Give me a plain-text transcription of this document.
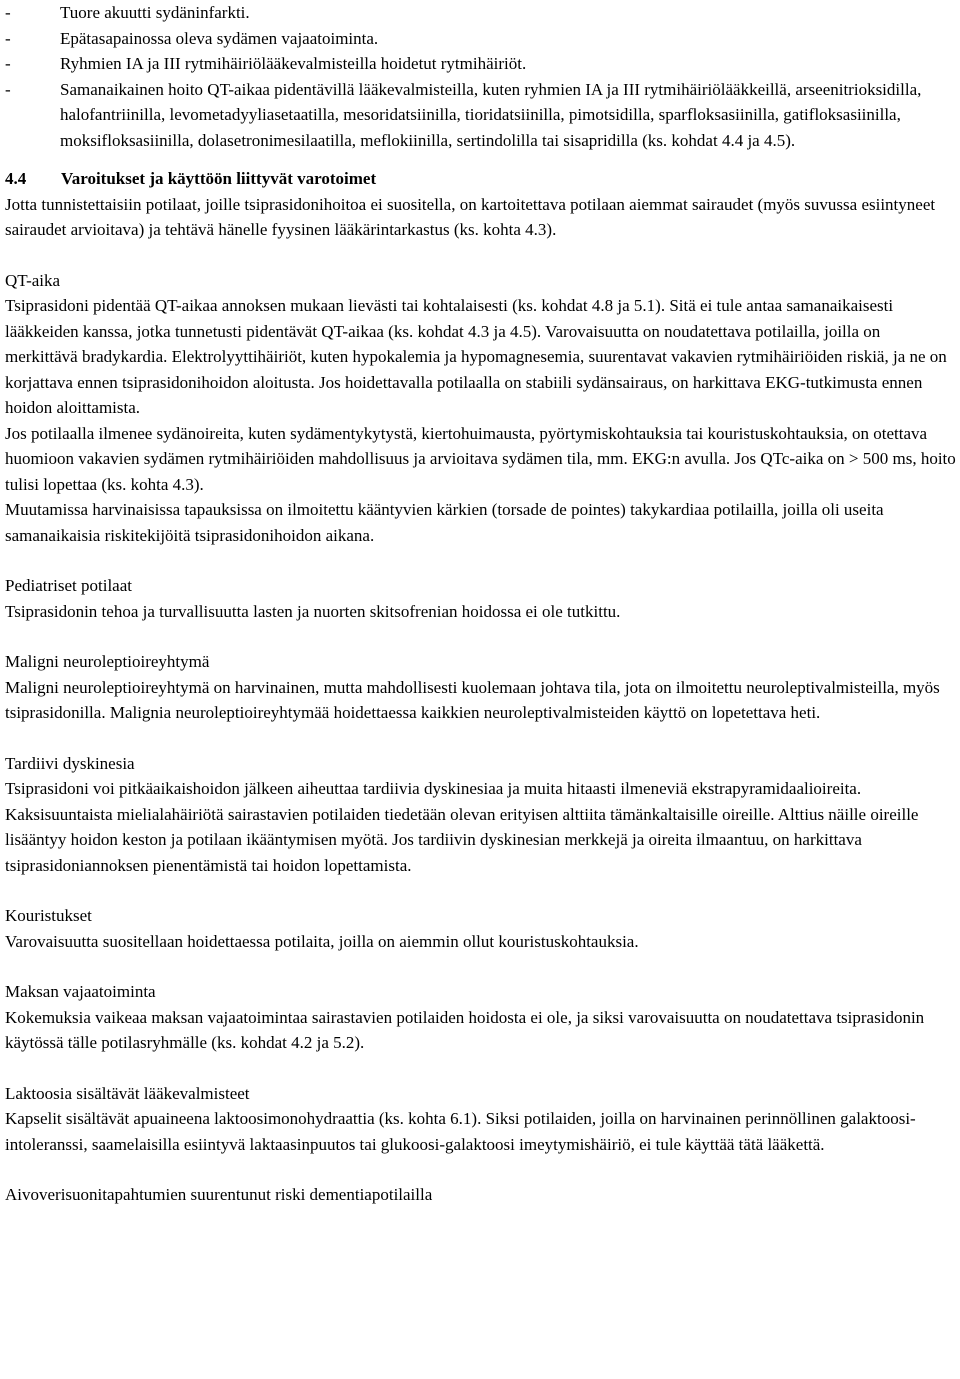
-	Tuore akuutti sydäninfarkti.
-	Epätasapainossa oleva sydämen vajaatoiminta.
-	Ryhmien IA ja III rytmihäiriölääkevalmisteilla hoidetut rytmihäiriöt.
-	Samanaikainen hoito QT-aikaa pidentävillä lääkevalmisteilla, kuten ryhmien IA ja III rytmihäiriölääkkeillä, arseenitrioksidilla, halofantriinilla, levometadyyliasetaatilla, mesoridatsiinilla, tioridatsiinilla, pimotsidilla, sparfloksasiinilla, gatifloksasiinilla, moksifloksasiinilla, dolasetronimesilaatilla, meflokiinilla, sertindolilla tai sisapridilla (ks. kohdat 4.4 ja 4.5).
4.4 Varoitukset ja käyttöön liittyvät varotoimet

Jotta tunnistettaisiin potilaat, joille tsiprasidonihoitoa ei suositella, on kartoitettava potilaan aiemmat sairaudet (myös suvussa esiintyneet sairaudet arvioitava) ja tehtävä hänelle fyysinen lääkärintarkastus (ks. kohta 4.3).

QT-aika

Tsiprasidoni pidentää QT-aikaa annoksen mukaan lievästi tai kohtalaisesti (ks. kohdat 4.8 ja 5.1). Sitä ei tule antaa samanaikaisesti lääkkeiden kanssa, jotka tunnetusti pidentävät QT-aikaa (ks. kohdat 4.3 ja 4.5). Varovaisuutta on noudatettava potilailla, joilla on merkittävä bradykardia. Elektrolyyttihäiriöt, kuten hypokalemia ja hypomagnesemia, suurentavat vakavien rytmihäiriöiden riskiä, ja ne on korjattava ennen tsiprasidonihoidon aloitusta. Jos hoidettavalla potilaalla on stabiili sydänsairaus, on harkittava EKG-tutkimusta ennen hoidon aloittamista.

Jos potilaalla ilmenee sydänoireita, kuten sydämentykytystä, kiertohuimausta, pyörtymiskohtauksia tai kouristuskohtauksia, on otettava huomioon vakavien sydämen rytmihäiriöiden mahdollisuus ja arvioitava sydämen tila, mm. EKG:n avulla. Jos QTc-aika on > 500 ms, hoito tulisi lopettaa (ks. kohta 4.3).

Muutamissa harvinaisissa tapauksissa on ilmoitettu kääntyvien kärkien (torsade de pointes) takykardiaa potilailla, joilla oli useita samanaikaisia riskitekijöitä tsiprasidonihoidon aikana.

Pediatriset potilaat

Tsiprasidonin tehoa ja turvallisuutta lasten ja nuorten skitsofrenian hoidossa ei ole tutkittu.

Maligni neuroleptioireyhtymä

Maligni neuroleptioireyhtymä on harvinainen, mutta mahdollisesti kuolemaan johtava tila, jota on ilmoitettu neuroleptivalmisteilla, myös tsiprasidonilla. Malignia neuroleptioireyhtymää hoidettaessa kaikkien neuroleptivalmisteiden käyttö on lopetettava heti.

Tardiivi dyskinesia

Tsiprasidoni voi pitkäaikaishoidon jälkeen aiheuttaa tardiivia dyskinesiaa ja muita hitaasti ilmeneviä ekstrapyramidaalioireita. Kaksisuuntaista mielialahäiriötä sairastavien potilaiden tiedetään olevan erityisen alttiita tämänkaltaisille oireille. Alttius näille oireille lisääntyy hoidon keston ja potilaan ikääntymisen myötä. Jos tardiivin dyskinesian merkkejä ja oireita ilmaantuu, on harkittava tsiprasidoniannoksen pienentämistä tai hoidon lopettamista.

Kouristukset

Varovaisuutta suositellaan hoidettaessa potilaita, joilla on aiemmin ollut kouristuskohtauksia.

Maksan vajaatoiminta

Kokemuksia vaikeaa maksan vajaatoimintaa sairastavien potilaiden hoidosta ei ole, ja siksi varovaisuutta on noudatettava tsiprasidonin käytössä tälle potilasryhmälle (ks. kohdat 4.2 ja 5.2).

Laktoosia sisältävät lääkevalmisteet

Kapselit sisältävät apuaineena laktoosimonohydraattia (ks. kohta 6.1). Siksi potilaiden, joilla on harvinainen perinnöllinen galaktoosi-intoleranssi, saamelaisilla esiintyvä laktaasinpuutos tai glukoosi-galaktoosi imeytymishäiriö, ei tule käyttää tätä lääkettä.

Aivoverisuonitapahtumien suurentunut riski dementiapotilailla
